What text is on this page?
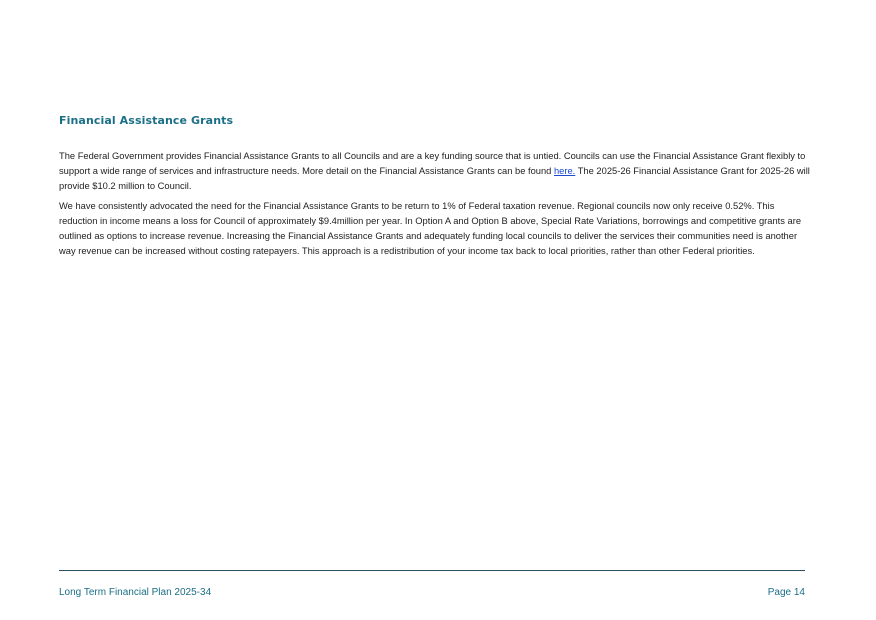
Financial Assistance Grants

The Federal Government provides Financial Assistance Grants to all Councils and are a key funding source that is untied. Councils can use the Financial Assistance Grant flexibly to support a wide range of services and infrastructure needs. More detail on the Financial Assistance Grants can be found here. The 2025-26 Financial Assistance Grant for 2025-26 will provide $10.2 million to Council.

We have consistently advocated the need for the Financial Assistance Grants to be return to 1% of Federal taxation revenue. Regional councils now only receive 0.52%. This reduction in income means a loss for Council of approximately $9.4million per year. In Option A and Option B above, Special Rate Variations, borrowings and competitive grants are outlined as options to increase revenue. Increasing the Financial Assistance Grants and adequately funding local councils to deliver the services their communities need is another way revenue can be increased without costing ratepayers. This approach is a redistribution of your income tax back to local priorities, rather than other Federal priorities.

Long Term Financial Plan 2025-34	Page 14
